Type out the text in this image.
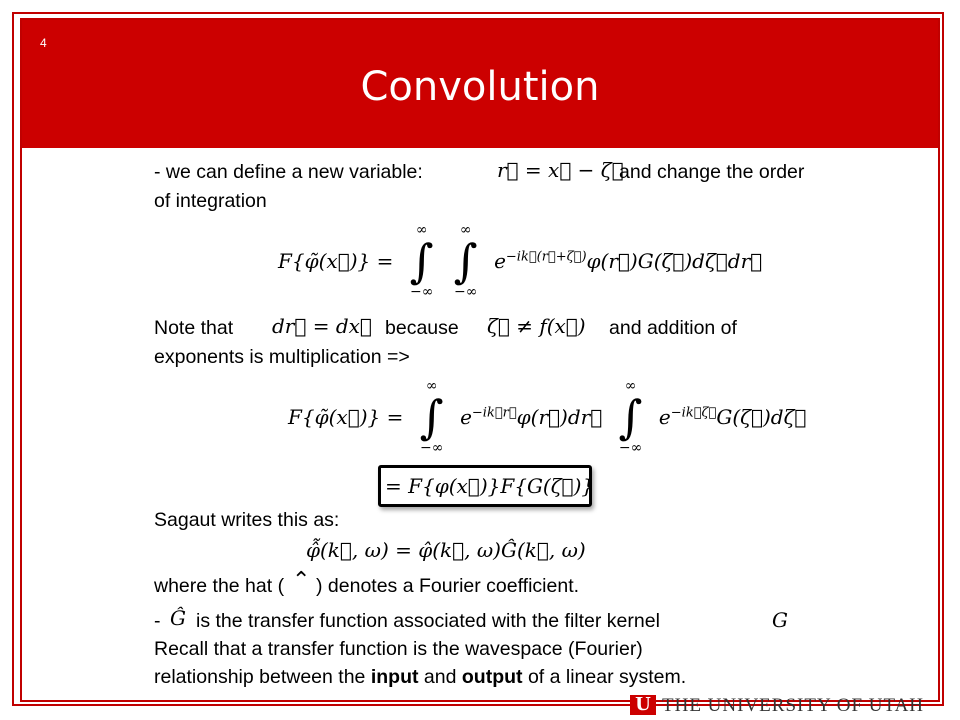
4
Convolution
- we can define a new variable:	r⃗ = x⃗ − ζ⃗
and change the order
of integration
F{φ̃(x⃗)} =
∞
∫
−∞
∞
∫
−∞
$e^{-ik⃗(r⃗+\zeta⃗)}\varphi(r⃗)G(\zeta⃗)d\zeta⃗dr⃗$
Note that dr⃗ = dx⃗ because ζ⃗ ≠ f(x⃗) and addition of
exponents is multiplication =>
F{φ̃(x⃗)} =
∞
∫
−∞
$e^{-ik⃗r⃗}\varphi(r⃗)dr⃗$
∞
∫
−∞
$e^{-ik⃗\zeta⃗}G(\zeta⃗)d\zeta⃗$
= F{φ(x⃗)}F{G(ζ⃗)}
Sagaut writes this as:
φ̂̃(k⃗, ω) = φ̂(k⃗, ω)Ĝ(k⃗, ω)
where the hat ( ⌃ ) denotes a Fourier coefficient.
- Ĝ is the transfer function associated with the filter kernel	G
Recall that a transfer function is the wavespace (Fourier)
relationship between the input and output of a linear system.
U THE UNIVERSITY OF UTAH
